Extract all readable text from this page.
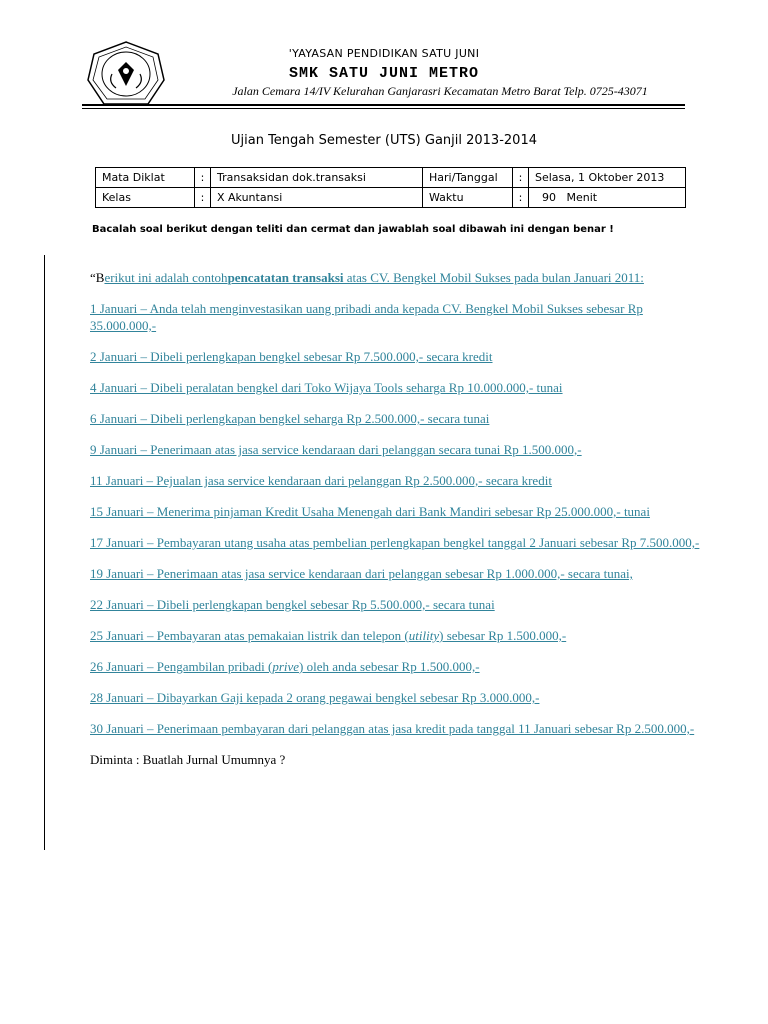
'YAYASAN PENDIDIKAN SATU JUNI
SMK SATU JUNI METRO
Jalan Cemara 14/IV Kelurahan Ganjarasri Kecamatan Metro Barat Telp. 0725-43071
Ujian Tengah Semester (UTS) Ganjil 2013-2014
Mata Diklat	:	Transaksidan dok.transaksi	Hari/Tanggal	:	Selasa, 1 Oktober 2013
Kelas	:	X Akuntansi	Waktu	:	90   Menit
Bacalah soal berikut dengan teliti dan cermat dan jawablah soal dibawah ini dengan benar !

“Berikut ini adalah contohpencatatan transaksi atas CV. Bengkel Mobil Sukses pada bulan Januari 2011:

1 Januari – Anda telah menginvestasikan uang pribadi anda kepada CV. Bengkel Mobil Sukses sebesar Rp 35.000.000,-

2 Januari – Dibeli perlengkapan bengkel sebesar Rp 7.500.000,- secara kredit

4 Januari – Dibeli peralatan bengkel dari Toko Wijaya Tools seharga Rp 10.000.000,- tunai

6 Januari – Dibeli perlengkapan bengkel seharga Rp 2.500.000,- secara tunai

9 Januari – Penerimaan atas jasa service kendaraan dari pelanggan secara tunai Rp 1.500.000,-

11 Januari – Pejualan jasa service kendaraan dari pelanggan Rp 2.500.000,- secara kredit

15 Januari – Menerima pinjaman Kredit Usaha Menengah dari Bank Mandiri sebesar Rp 25.000.000,- tunai

17 Januari – Pembayaran utang usaha atas pembelian perlengkapan bengkel tanggal 2 Januari sebesar Rp 7.500.000,-

19 Januari – Penerimaan atas jasa service kendaraan dari pelanggan sebesar Rp 1.000.000,- secara tunai,

22 Januari – Dibeli perlengkapan bengkel sebesar Rp 5.500.000,- secara tunai

25 Januari – Pembayaran atas pemakaian listrik dan telepon (utility) sebesar Rp 1.500.000,-

26 Januari – Pengambilan pribadi (prive) oleh anda sebesar Rp 1.500.000,-

28 Januari – Dibayarkan Gaji kepada 2 orang pegawai bengkel sebesar Rp 3.000.000,-

30 Januari – Penerimaan pembayaran dari pelanggan atas jasa kredit pada tanggal 11 Januari sebesar Rp 2.500.000,-

Diminta : Buatlah Jurnal Umumnya ?
